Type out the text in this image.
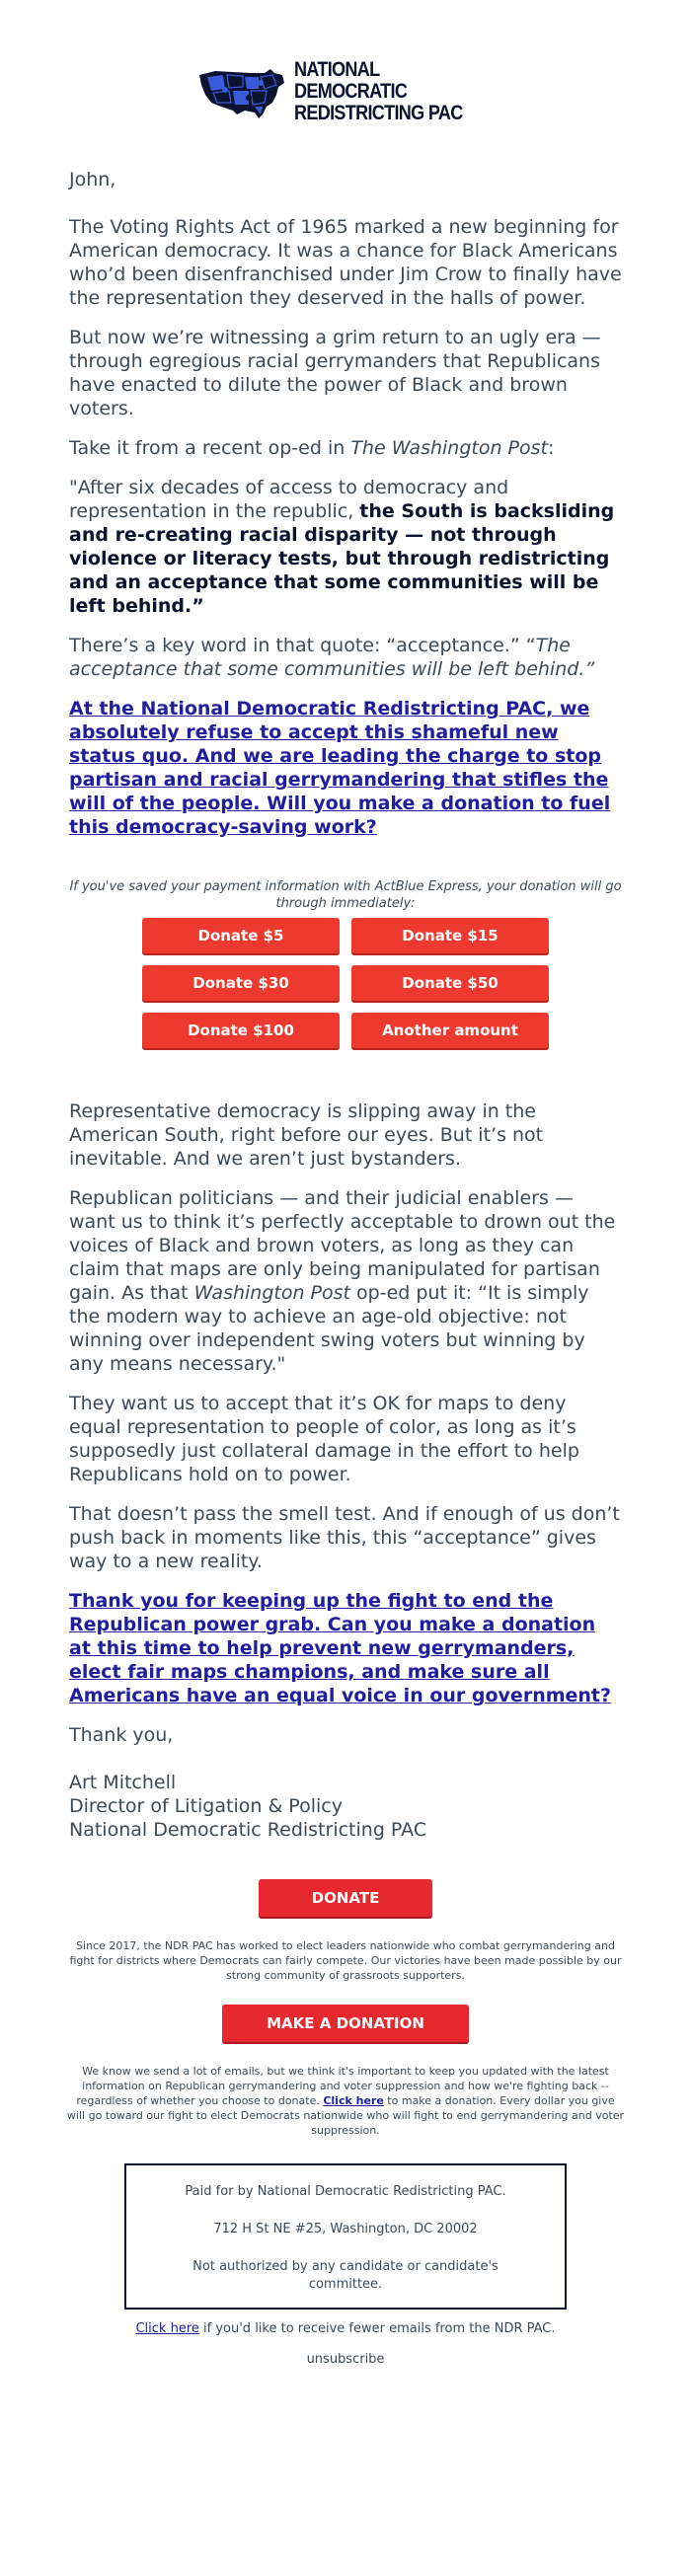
NATIONAL DEMOCRATIC
REDISTRICTING PAC

John,

The Voting Rights Act of 1965 marked a new beginning for American democracy. It was a chance for Black Americans who’d been disenfranchised under Jim Crow to finally have the representation they deserved in the halls of power.

But now we’re witnessing a grim return to an ugly era — through egregious racial gerrymanders that Republicans have enacted to dilute the power of Black and brown voters.

Take it from a recent op-ed in The Washington Post:

"After six decades of access to democracy and representation in the republic, the South is backsliding and re-creating racial disparity — not through violence or literacy tests, but through redistricting and an acceptance that some communities will be left behind.”

There’s a key word in that quote: “acceptance.” “The acceptance that some communities will be left behind.”

At the National Democratic Redistricting PAC, we absolutely refuse to accept this shameful new status quo. And we are leading the charge to stop partisan and racial gerrymandering that stifles the will of the people. Will you make a donation to fuel this democracy-saving work?

If you've saved your payment information with ActBlue Express, your donation will go through immediately:
Donate $5	Donate $15
Donate $30	Donate $50
Donate $100	Another amount

Representative democracy is slipping away in the American South, right before our eyes. But it’s not inevitable. And we aren’t just bystanders.

Republican politicians — and their judicial enablers — want us to think it’s perfectly acceptable to drown out the voices of Black and brown voters, as long as they can claim that maps are only being manipulated for partisan gain. As that Washington Post op-ed put it: “It is simply the modern way to achieve an age-old objective: not winning over independent swing voters but winning by any means necessary."

They want us to accept that it’s OK for maps to deny equal representation to people of color, as long as it’s supposedly just collateral damage in the effort to help Republicans hold on to power.

That doesn’t pass the smell test. And if enough of us don’t push back in moments like this, this “acceptance” gives way to a new reality.

Thank you for keeping up the fight to end the Republican power grab. Can you make a donation at this time to help prevent new gerrymanders, elect fair maps champions, and make sure all Americans have an equal voice in our government?

Thank you,

Art Mitchell

Director of Litigation & Policy

National Democratic Redistricting PAC

DONATE
Since 2017, the NDR PAC has worked to elect leaders nationwide who combat gerrymandering and fight for districts where Democrats can fairly compete. Our victories have been made possible by our strong community of grassroots supporters.
MAKE A DONATION
We know we send a lot of emails, but we think it's important to keep you updated with the latest information on Republican gerrymandering and voter suppression and how we're fighting back -- regardless of whether you choose to donate. Click here to make a donation. Every dollar you give will go toward our fight to elect Democrats nationwide who will fight to end gerrymandering and voter suppression.
Paid for by National Democratic Redistricting PAC.
712 H St NE #25, Washington, DC 20002
Not authorized by any candidate or candidate's committee.
Click here if you'd like to receive fewer emails from the NDR PAC.
unsubscribe
